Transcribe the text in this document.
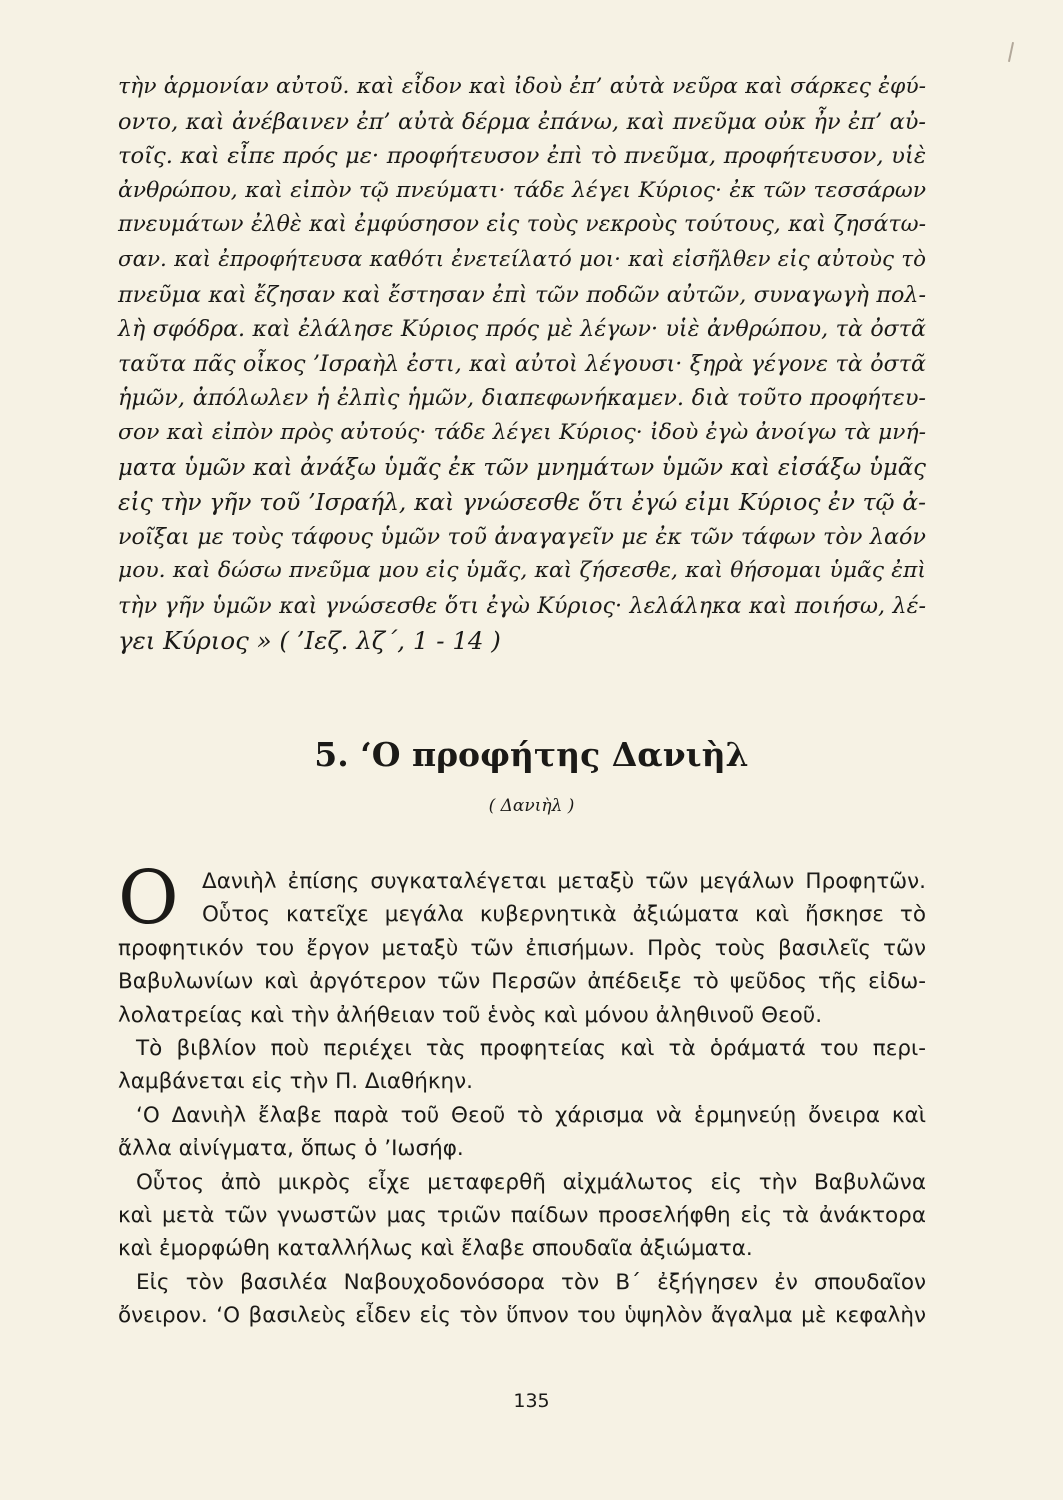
τὴν ἁρμονίαν αὐτοῦ. καὶ εἶδον καὶ ἰδοὺ ἐπ’ αὐτὰ νεῦρα καὶ σάρκες ἐφύ-
οντο, καὶ ἀνέβαινεν ἐπ’ αὐτὰ δέρμα ἐπάνω, καὶ πνεῦμα οὐκ ἦν ἐπ’ αὐ-
τοῖς. καὶ εἶπε πρός με· προφήτευσον ἐπὶ τὸ πνεῦμα, προφήτευσον, υἱὲ
ἀνθρώπου, καὶ εἰπὸν τῷ πνεύματι· τάδε λέγει Κύριος· ἐκ τῶν τεσσάρων
πνευμάτων ἐλθὲ καὶ ἐμφύσησον εἰς τοὺς νεκροὺς τούτους, καὶ ζησάτω-
σαν. καὶ ἐπροφήτευσα καθότι ἐνετείλατό μοι· καὶ εἰσῆλθεν εἰς αὐτοὺς τὸ
πνεῦμα καὶ ἔζησαν καὶ ἔστησαν ἐπὶ τῶν ποδῶν αὐτῶν, συναγωγὴ πολ-
λὴ σφόδρα. καὶ ἐλάλησε Κύριος πρός μὲ λέγων· υἱὲ ἀνθρώπου, τὰ ὀστᾶ
ταῦτα πᾶς οἶκος ’Ισραὴλ ἐστι, καὶ αὐτοὶ λέγουσι· ξηρὰ γέγονε τὰ ὀστᾶ
ἡμῶν, ἀπόλωλεν ἡ ἐλπὶς ἡμῶν, διαπεφωνήκαμεν. διὰ τοῦτο προφήτευ-
σον καὶ εἰπὸν πρὸς αὐτούς· τάδε λέγει Κύριος· ἰδοὺ ἐγὼ ἀνοίγω τὰ μνή-
ματα ὑμῶν καὶ ἀνάξω ὑμᾶς ἐκ τῶν μνημάτων ὑμῶν καὶ εἰσάξω ὑμᾶς
εἰς τὴν γῆν τοῦ ’Ισραήλ, καὶ γνώσεσθε ὅτι ἐγώ εἰμι Κύριος ἐν τῷ ἀ-
νοῖξαι με τοὺς τάφους ὑμῶν τοῦ ἀναγαγεῖν με ἐκ τῶν τάφων τὸν λαόν
μου. καὶ δώσω πνεῦμα μου εἰς ὑμᾶς, καὶ ζήσεσθε, καὶ θήσομαι ὑμᾶς ἐπὶ
τὴν γῆν ὑμῶν καὶ γνώσεσθε ὅτι ἐγὼ Κύριος· λελάληκα καὶ ποιήσω, λέ-
γει Κύριος » ( ’Ιεζ. λζ΄, 1 - 14 )
5. ‘Ο προφήτης Δανιὴλ
( Δανιὴλ )
Ο	Δανιὴλ ἐπίσης συγκαταλέγεται μεταξὺ τῶν μεγάλων Προφητῶν.
Οὗτος κατεῖχε μεγάλα κυβερνητικὰ ἀξιώματα καὶ ἤσκησε τὸ
προφητικόν του ἔργον μεταξὺ τῶν ἐπισήμων. Πρὸς τοὺς βασιλεῖς τῶν
Βαβυλωνίων καὶ ἀργότερον τῶν Περσῶν ἀπέδειξε τὸ ψεῦδος τῆς εἰδω-
λολατρείας καὶ τὴν ἀλήθειαν τοῦ ἑνὸς καὶ μόνου ἀληθινοῦ Θεοῦ.
Τὸ βιβλίον ποὺ περιέχει τὰς προφητείας καὶ τὰ ὁράματά του περι-
λαμβάνεται εἰς τὴν Π. Διαθήκην.
‘Ο Δανιὴλ ἔλαβε παρὰ τοῦ Θεοῦ τὸ χάρισμα νὰ ἑρμηνεύῃ ὄνειρα καὶ
ἄλλα αἰνίγματα, ὅπως ὁ ’Ιωσήφ.
Οὗτος ἀπὸ μικρὸς εἶχε μεταφερθῆ αἰχμάλωτος εἰς τὴν Βαβυλῶνα
καὶ μετὰ τῶν γνωστῶν μας τριῶν παίδων προσελήφθη εἰς τὰ ἀνάκτορα
καὶ ἐμορφώθη καταλλήλως καὶ ἔλαβε σπουδαῖα ἀξιώματα.
Εἰς τὸν βασιλέα Ναβουχοδονόσορα τὸν Β΄ ἐξήγησεν ἐν σπουδαῖον
ὄνειρον. ‘Ο βασιλεὺς εἶδεν εἰς τὸν ὕπνον του ὑψηλὸν ἄγαλμα μὲ κεφαλὴν
135
